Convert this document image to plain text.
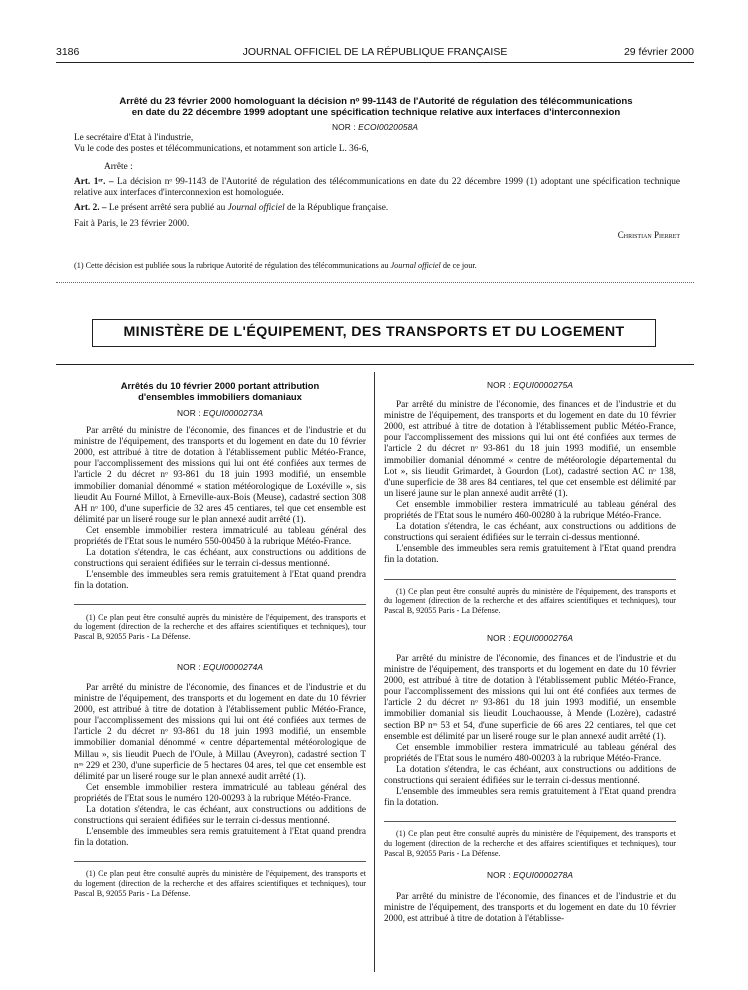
3186	JOURNAL OFFICIEL DE LA RÉPUBLIQUE FRANÇAISE	29 février 2000
Arrêté du 23 février 2000 homologuant la décision nᵒ 99-1143 de l'Autorité de régulation des télécommunications
en date du 22 décembre 1999 adoptant une spécification technique relative aux interfaces d'interconnexion
NOR : ECOI0020058A

Le secrétaire d'Etat à l'industrie,

Vu le code des postes et télécommunications, et notamment son article L. 36-6,

Arrête :

Art. 1ᵉʳ. – La décision nᵒ 99-1143 de l'Autorité de régulation des télécommunications en date du 22 décembre 1999 (1) adoptant une spécification technique relative aux interfaces d'interconnexion est homologuée.

Art. 2. – Le présent arrêté sera publié au Journal officiel de la République française.

Fait à Paris, le 23 février 2000.

Christian Pierret

(1) Cette décision est publiée sous la rubrique Autorité de régulation des télécommunications au Journal officiel de ce jour.
MINISTÈRE DE L'ÉQUIPEMENT, DES TRANSPORTS ET DU LOGEMENT

Arrêtés du 10 février 2000 portant attribution

d'ensembles immobiliers domaniaux

NOR : EQUI0000273A

Par arrêté du ministre de l'économie, des finances et de l'industrie et du ministre de l'équipement, des transports et du logement en date du 10 février 2000, est attribué à titre de dotation à l'établissement public Météo-France, pour l'accomplissement des missions qui lui ont été confiées aux termes de l'article 2 du décret nᵒ 93-861 du 18 juin 1993 modifié, un ensemble immobilier domanial dénommé « station météorologique de Loxéville », sis lieudit Au Fourné Millot, à Erneville-aux-Bois (Meuse), cadastré section 308 AH nᵒ 100, d'une superficie de 32 ares 45 centiares, tel que cet ensemble est délimité par un liseré rouge sur le plan annexé audit arrêté (1).

Cet ensemble immobilier restera immatriculé au tableau général des propriétés de l'Etat sous le numéro 550-00450 à la rubrique Météo-France.

La dotation s'étendra, le cas échéant, aux constructions ou additions de constructions qui seraient édifiées sur le terrain ci-dessus mentionné.

L'ensemble des immeubles sera remis gratuitement à l'Etat quand prendra fin la dotation.

(1) Ce plan peut être consulté auprès du ministère de l'équipement, des transports et du logement (direction de la recherche et des affaires scientifiques et techniques), tour Pascal B, 92055 Paris - La Défense.

NOR : EQUI0000274A

Par arrêté du ministre de l'économie, des finances et de l'industrie et du ministre de l'équipement, des transports et du logement en date du 10 février 2000, est attribué à titre de dotation à l'établissement public Météo-France, pour l'accomplissement des missions qui lui ont été confiées aux termes de l'article 2 du décret nᵒ 93-861 du 18 juin 1993 modifié, un ensemble immobilier domanial dénommé « centre départemental météorologique de Millau », sis lieudit Puech de l'Oule, à Millau (Aveyron), cadastré section T nᵒˢ 229 et 230, d'une superficie de 5 hectares 04 ares, tel que cet ensemble est délimité par un liseré rouge sur le plan annexé audit arrêté (1).

Cet ensemble immobilier restera immatriculé au tableau général des propriétés de l'Etat sous le numéro 120-00293 à la rubrique Météo-France.

La dotation s'étendra, le cas échéant, aux constructions ou additions de constructions qui seraient édifiées sur le terrain ci-dessus mentionné.

L'ensemble des immeubles sera remis gratuitement à l'Etat quand prendra fin la dotation.

(1) Ce plan peut être consulté auprès du ministère de l'équipement, des transports et du logement (direction de la recherche et des affaires scientifiques et techniques), tour Pascal B, 92055 Paris - La Défense.

NOR : EQUI0000275A

Par arrêté du ministre de l'économie, des finances et de l'industrie et du ministre de l'équipement, des transports et du logement en date du 10 février 2000, est attribué à titre de dotation à l'établissement public Météo-France, pour l'accomplissement des missions qui lui ont été confiées aux termes de l'article 2 du décret nᵒ 93-861 du 18 juin 1993 modifié, un ensemble immobilier domanial dénommé « centre de météorologie départemental du Lot », sis lieudit Grimardet, à Gourdon (Lot), cadastré section AC nᵒ 138, d'une superficie de 38 ares 84 centiares, tel que cet ensemble est délimité par un liseré jaune sur le plan annexé audit arrêté (1).

Cet ensemble immobilier restera immatriculé au tableau général des propriétés de l'Etat sous le numéro 460-00280 à la rubrique Météo-France.

La dotation s'étendra, le cas échéant, aux constructions ou additions de constructions qui seraient édifiées sur le terrain ci-dessus mentionné.

L'ensemble des immeubles sera remis gratuitement à l'Etat quand prendra fin la dotation.

(1) Ce plan peut être consulté auprès du ministère de l'équipement, des transports et du logement (direction de la recherche et des affaires scientifiques et techniques), tour Pascal B, 92055 Paris - La Défense.

NOR : EQUI0000276A

Par arrêté du ministre de l'économie, des finances et de l'industrie et du ministre de l'équipement, des transports et du logement en date du 10 février 2000, est attribué à titre de dotation à l'établissement public Météo-France, pour l'accomplissement des missions qui lui ont été confiées aux termes de l'article 2 du décret nᵒ 93-861 du 18 juin 1993 modifié, un ensemble immobilier domanial sis lieudit Louchaousse, à Mende (Lozère), cadastré section BP nᵒˢ 53 et 54, d'une superficie de 66 ares 22 centiares, tel que cet ensemble est délimité par un liseré rouge sur le plan annexé audit arrêté (1).

Cet ensemble immobilier restera immatriculé au tableau général des propriétés de l'Etat sous le numéro 480-00203 à la rubrique Météo-France.

La dotation s'étendra, le cas échéant, aux constructions ou additions de constructions qui seraient édifiées sur le terrain ci-dessus mentionné.

L'ensemble des immeubles sera remis gratuitement à l'Etat quand prendra fin la dotation.

(1) Ce plan peut être consulté auprès du ministère de l'équipement, des transports et du logement (direction de la recherche et des affaires scientifiques et techniques), tour Pascal B, 92055 Paris - La Défense.

NOR : EQUI0000278A

Par arrêté du ministre de l'économie, des finances et de l'industrie et du ministre de l'équipement, des transports et du logement en date du 10 février 2000, est attribué à titre de dotation à l'établisse-
